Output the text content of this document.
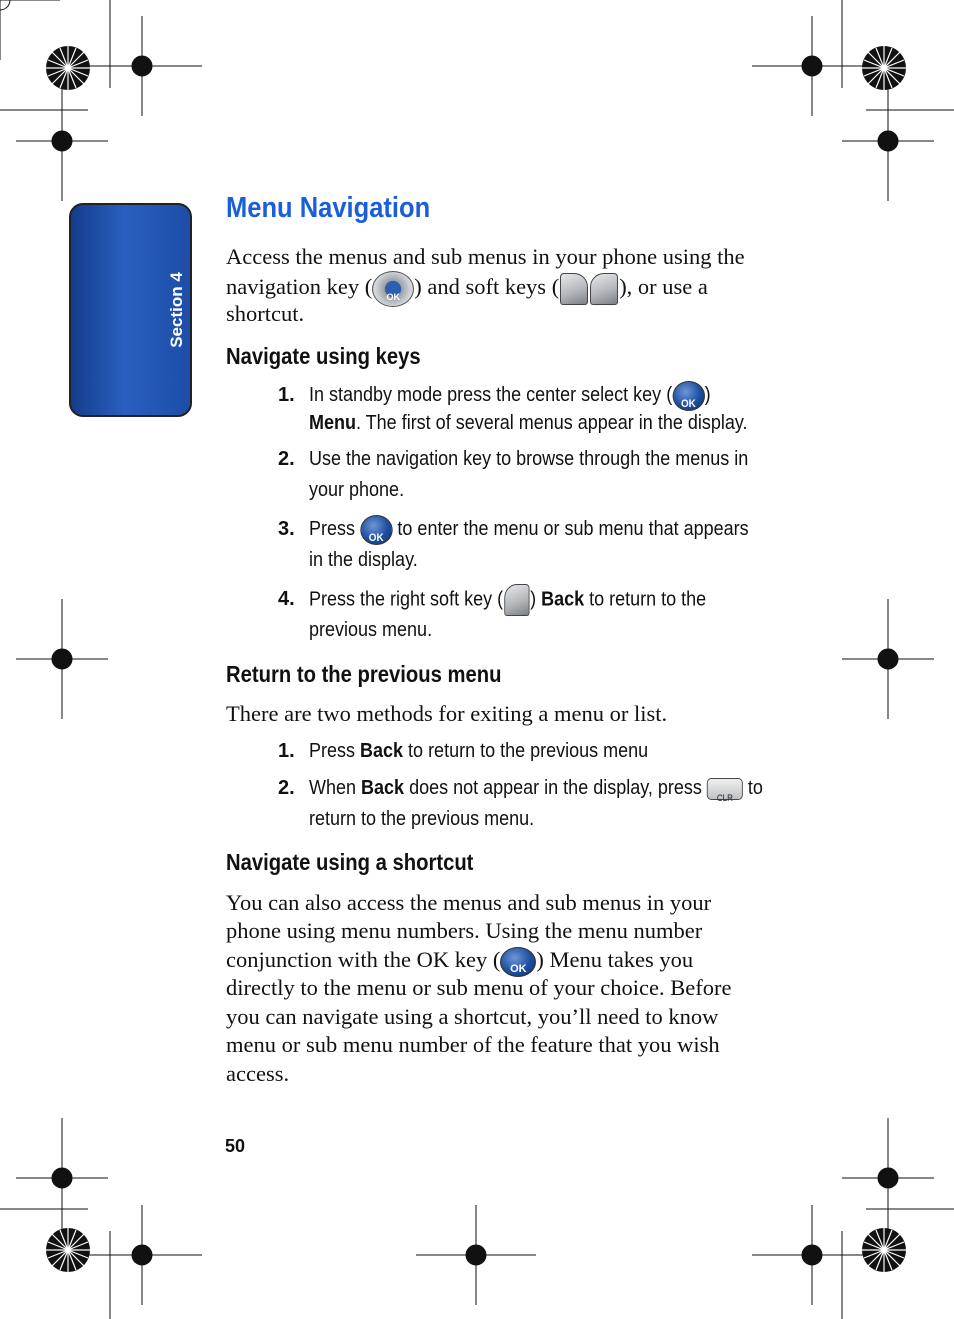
Section 4
Menu Navigation
Access the menus and sub menus in your phone using the
navigation key ( OK ) and soft keys (	), or use a
shortcut.
Navigate using keys
1. In standby mode press the center select key ( OK )
Menu. The first of several menus appear in the display.
2. Use the navigation key to browse through the menus in
your phone.
3. Press OK to enter the menu or sub menu that appears
in the display.
4. Press the right soft key ( ) Back to return to the
previous menu.
Return to the previous menu
There are two methods for exiting a menu or list.
1. Press Back to return to the previous menu
2. When Back does not appear in the display, press CLR to
return to the previous menu.
Navigate using a shortcut
You can also access the menus and sub menus in your
phone using menu numbers. Using the menu number
conjunction with the OK key ( OK ) Menu takes you
directly to the menu or sub menu of your choice. Before
you can navigate using a shortcut, you’ll need to know
menu or sub menu number of the feature that you wish
access.
50
